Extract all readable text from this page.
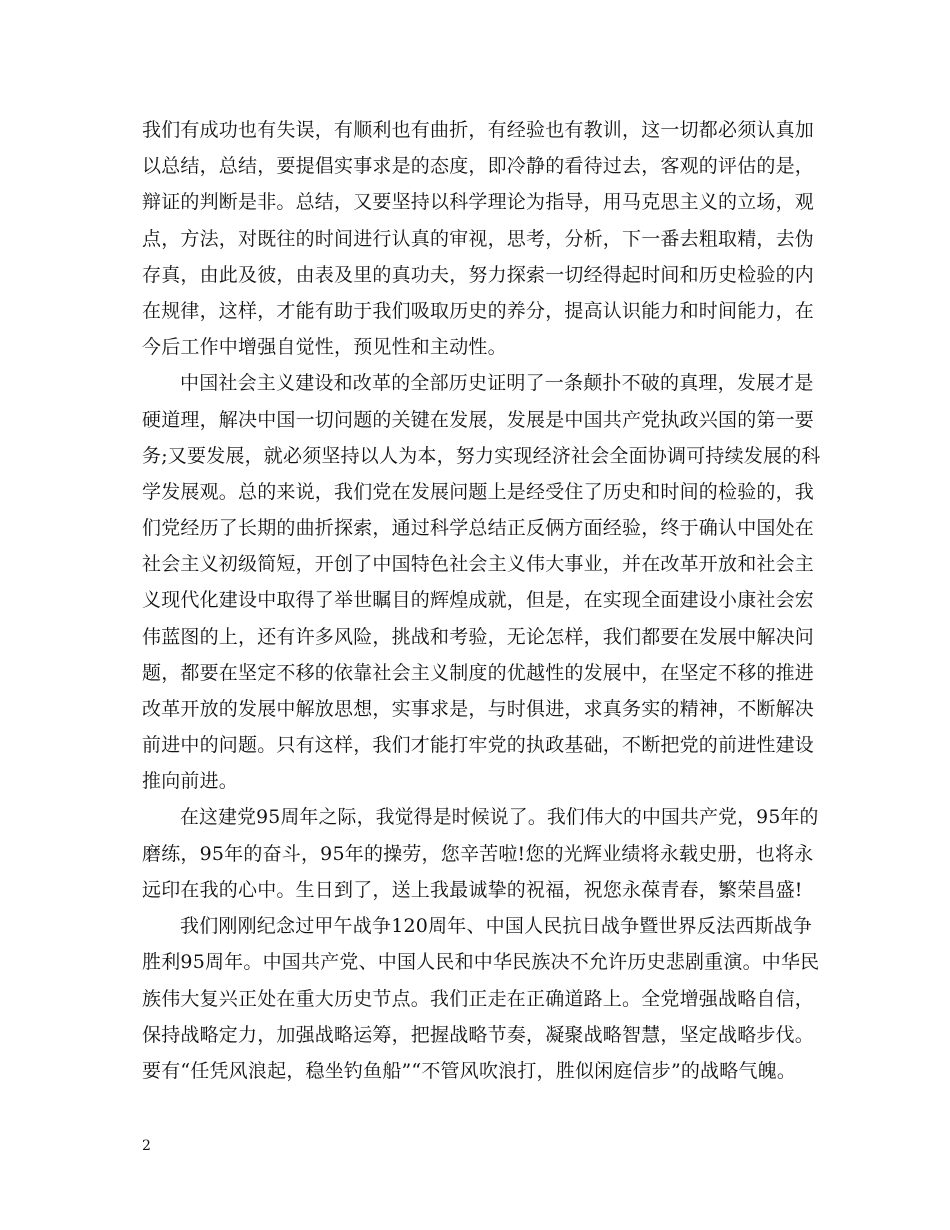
我们有成功也有失误，有顺利也有曲折，有经验也有教训，这一切都必须认真加
以总结，总结，要提倡实事求是的态度，即冷静的看待过去，客观的评估的是，
辩证的判断是非。总结，又要坚持以科学理论为指导，用马克思主义的立场，观
点，方法，对既往的时间进行认真的审视，思考，分析，下一番去粗取精，去伪
存真，由此及彼，由表及里的真功夫，努力探索一切经得起时间和历史检验的内
在规律，这样，才能有助于我们吸取历史的养分，提高认识能力和时间能力，在
今后工作中增强自觉性，预见性和主动性。
中国社会主义建设和改革的全部历史证明了一条颠扑不破的真理，发展才是
硬道理，解决中国一切问题的关键在发展，发展是中国共产党执政兴国的第一要
务;又要发展，就必须坚持以人为本，努力实现经济社会全面协调可持续发展的科
学发展观。总的来说，我们党在发展问题上是经受住了历史和时间的检验的，我
们党经历了长期的曲折探索，通过科学总结正反俩方面经验，终于确认中国处在
社会主义初级简短，开创了中国特色社会主义伟大事业，并在改革开放和社会主
义现代化建设中取得了举世瞩目的辉煌成就，但是，在实现全面建设小康社会宏
伟蓝图的上，还有许多风险，挑战和考验，无论怎样，我们都要在发展中解决问
题，都要在坚定不移的依靠社会主义制度的优越性的发展中，在坚定不移的推进
改革开放的发展中解放思想，实事求是，与时俱进，求真务实的精神，不断解决
前进中的问题。只有这样，我们才能打牢党的执政基础，不断把党的前进性建设
推向前进。
在这建党95周年之际，我觉得是时候说了。我们伟大的中国共产党，95年的
磨练，95年的奋斗，95年的操劳，您辛苦啦!您的光辉业绩将永载史册，也将永
远印在我的心中。生日到了，送上我最诚挚的祝福，祝您永葆青春，繁荣昌盛!
我们刚刚纪念过甲午战争120周年、中国人民抗日战争暨世界反法西斯战争
胜利95周年。中国共产党、中国人民和中华民族决不允许历史悲剧重演。中华民
族伟大复兴正处在重大历史节点。我们正走在正确道路上。全党增强战略自信，
保持战略定力，加强战略运筹，把握战略节奏，凝聚战略智慧，坚定战略步伐。
要有“任凭风浪起，稳坐钓鱼船”“不管风吹浪打，胜似闲庭信步”的战略气魄。
2
